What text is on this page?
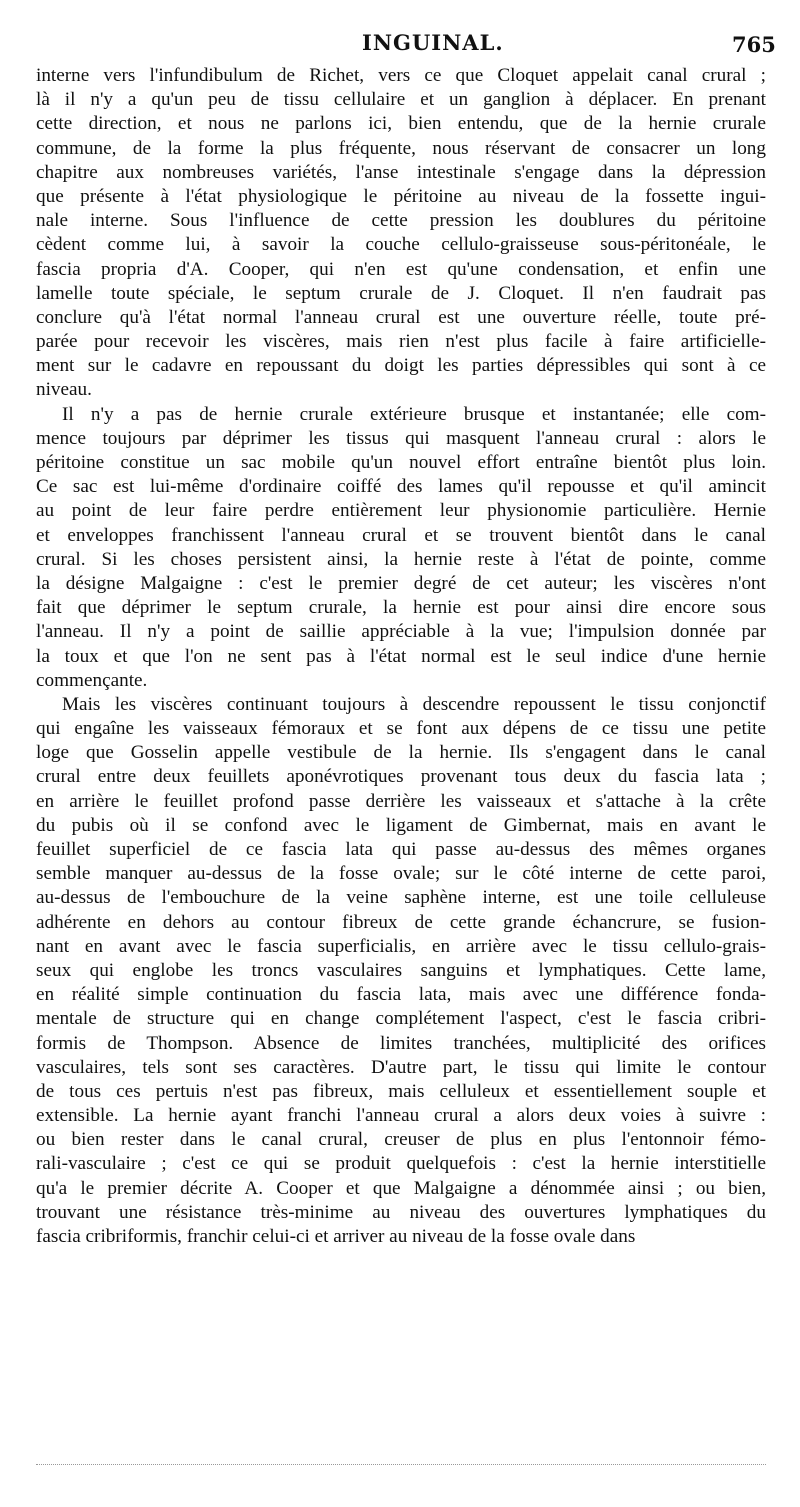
INGUINAL.	765
interne vers l'infundibulum de Richet, vers ce que Cloquet appelait canal crural ;
là il n'y a qu'un peu de tissu cellulaire et un ganglion à déplacer. En prenant
cette direction, et nous ne parlons ici, bien entendu, que de la hernie crurale
commune, de la forme la plus fréquente, nous réservant de consacrer un long
chapitre aux nombreuses variétés, l'anse intestinale s'engage dans la dépression
que présente à l'état physiologique le péritoine au niveau de la fossette ingui-
nale interne. Sous l'influence de cette pression les doublures du péritoine
cèdent comme lui, à savoir la couche cellulo-graisseuse sous-péritonéale, le
fascia propria d'A. Cooper, qui n'en est qu'une condensation, et enfin une
lamelle toute spéciale, le septum crurale de J. Cloquet. Il n'en faudrait pas
conclure qu'à l'état normal l'anneau crural est une ouverture réelle, toute pré-
parée pour recevoir les viscères, mais rien n'est plus facile à faire artificielle-
ment sur le cadavre en repoussant du doigt les parties dépressibles qui sont à ce
niveau.
Il n'y a pas de hernie crurale extérieure brusque et instantanée; elle com-
mence toujours par déprimer les tissus qui masquent l'anneau crural : alors le
péritoine constitue un sac mobile qu'un nouvel effort entraîne bientôt plus loin.
Ce sac est lui-même d'ordinaire coiffé des lames qu'il repousse et qu'il amincit
au point de leur faire perdre entièrement leur physionomie particulière. Hernie
et enveloppes franchissent l'anneau crural et se trouvent bientôt dans le canal
crural. Si les choses persistent ainsi, la hernie reste à l'état de pointe, comme
la désigne Malgaigne : c'est le premier degré de cet auteur; les viscères n'ont
fait que déprimer le septum crurale, la hernie est pour ainsi dire encore sous
l'anneau. Il n'y a point de saillie appréciable à la vue; l'impulsion donnée par
la toux et que l'on ne sent pas à l'état normal est le seul indice d'une hernie
commençante.
Mais les viscères continuant toujours à descendre repoussent le tissu conjonctif
qui engaîne les vaisseaux fémoraux et se font aux dépens de ce tissu une petite
loge que Gosselin appelle vestibule de la hernie. Ils s'engagent dans le canal
crural entre deux feuillets aponévrotiques provenant tous deux du fascia lata ;
en arrière le feuillet profond passe derrière les vaisseaux et s'attache à la crête
du pubis où il se confond avec le ligament de Gimbernat, mais en avant le
feuillet superficiel de ce fascia lata qui passe au-dessus des mêmes organes
semble manquer au-dessus de la fosse ovale; sur le côté interne de cette paroi,
au-dessus de l'embouchure de la veine saphène interne, est une toile celluleuse
adhérente en dehors au contour fibreux de cette grande échancrure, se fusion-
nant en avant avec le fascia superficialis, en arrière avec le tissu cellulo-grais-
seux qui englobe les troncs vasculaires sanguins et lymphatiques. Cette lame,
en réalité simple continuation du fascia lata, mais avec une différence fonda-
mentale de structure qui en change complétement l'aspect, c'est le fascia cribri-
formis de Thompson. Absence de limites tranchées, multiplicité des orifices
vasculaires, tels sont ses caractères. D'autre part, le tissu qui limite le contour
de tous ces pertuis n'est pas fibreux, mais celluleux et essentiellement souple et
extensible. La hernie ayant franchi l'anneau crural a alors deux voies à suivre :
ou bien rester dans le canal crural, creuser de plus en plus l'entonnoir fémo-
rali-vasculaire ; c'est ce qui se produit quelquefois : c'est la hernie interstitielle
qu'a le premier décrite A. Cooper et que Malgaigne a dénommée ainsi ; ou bien,
trouvant une résistance très-minime au niveau des ouvertures lymphatiques du
fascia cribriformis, franchir celui-ci et arriver au niveau de la fosse ovale dans
